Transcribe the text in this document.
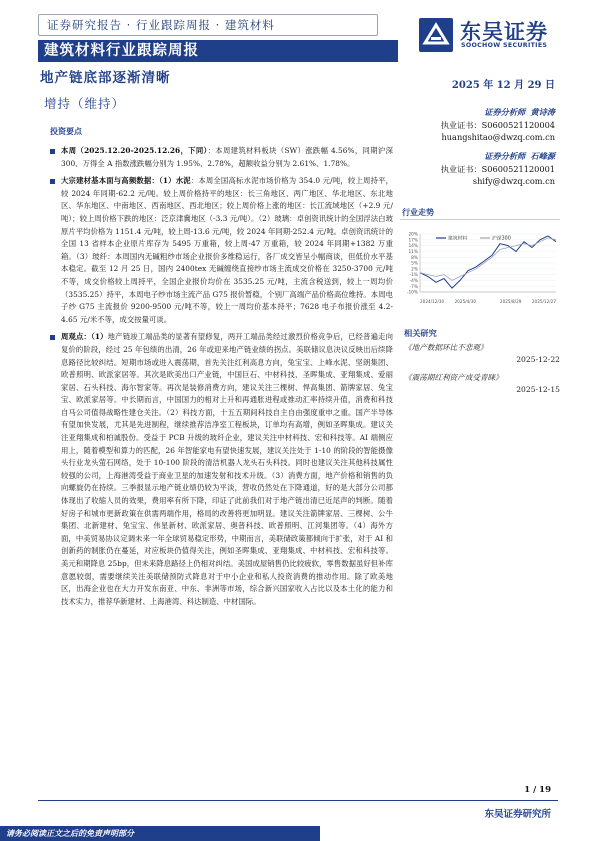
证券研究报告 · 行业跟踪周报 · 建筑材料	东吴证券
SOOCHOW SECURITIES
建筑材料行业跟踪周报
地产链底部逐渐清晰
增持（维持）
2025 年 12 月 29 日
证券分析师 黄诗涛
执业证书：S0600521120004
huangshitao@dwzq.com.cn
证券分析师 石峰源
执业证书：S0600521120001
shify@dwzq.com.cn
投资要点
本周（2025.12.20-2025.12.26，下同）：本周建筑材料板块（SW）涨跌幅 4.56%，同期沪深 300、万得全 A 指数涨跌幅分别为 1.95%、2.78%，超额收益分别为 2.61%、1.78%。
大宗建材基本面与高频数据：（1）水泥：本周全国高标水泥市场价格为 354.0 元/吨，较上周持平，较 2024 年同期-62.2 元/吨。较上周价格持平的地区：长三角地区、两广地区、华北地区、东北地区、华东地区、中南地区、西南地区、西北地区；较上周价格上涨的地区：长江流域地区（+2.9 元/吨）；较上周价格下跌的地区：泛京津冀地区（-3.3 元/吨）。（2）玻璃：卓创资讯统计的全国浮法白玻原片平均价格为 1151.4 元/吨，较上周-13.6 元/吨，较 2024 年同期-252.4 元/吨。卓创资讯统计的全国 13 省样本企业原片库存为 5495 万重箱，较上周-47 万重箱，较 2024 年同期+1382 万重箱。（3）玻纤：本周国内无碱粗纱市场企业报价多维稳运行，各厂成交皆呈小幅商谈，但低价水平基本稳定。截至 12 月 25 日，国内 2400tex 无碱缠绕直接纱市场主流成交价格在 3250-3700 元/吨不等，成交价格较上周持平，全国企业报价均价在 3535.25 元/吨，主流含税送到，较上一周均价（3535.25）持平，本周电子纱市场主流产品 G75 报价暂稳，个别厂高端产品价格高位维持。本周电子纱 G75 主流报价 9200-9500 元/吨不等，较上一周均价基本持平；7628 电子布报价涨至 4.2-4.65 元/米不等，成交按量可谈。
周观点：（1）地产链竣工端品类的显著有望修复，两开工端品类经过激烈价格竞争后，已经普遍走向复价的阶段，经过 25 年包绩的出清，26 年或迎来地产链业绩的拐点。美联储议息决议反映出后续降息路径比较纠结。短期市场或进入震荡期，首先关注红利高息方向，兔宝宝、上峰水泥、坚朗集团、欧普照明、欧派家居等。其次是欧美出口产业链，中国巨石、中材科技、圣晖集成、亚翔集成、爱丽家居、石头科技、海尔智家等。再次是装修消费方向，建议关注三棵树、悍高集团、箭牌家居、兔宝宝、欧派家居等。中长期而言，中国国力的相对上升和再通胀进程或推动汇率持续升值，消费和科技自马公司值得战略性建仓关注。（2）科技方面，十五五期间科技自主自由强度重申之重。国产半导体有望加快发展，尤其是先进制程，继续推荐洁净室工程板块，订单均有高增，例如圣晖集成。建议关注亚翔集成和柏诚股份。受益于 PCB 升级的玻纤企业，建议关注中材科技、宏和科技等。AI 端侧应用上，随着模型和算力的匹配，26 年智能家电有望快速发展，建议关注处于 1-10 的阶段的智能摄像头行业龙头萤石网络，处于 10-100 阶段的清洁机器人龙头石头科技。同时也建议关注其他科技属性较强的公司，上海港湾受益于商业卫星的加速发射和技术升级。（3）消费方面，地产价格和销售的负向螺旋仍在持续。三季报显示地产链业绩仍较为平淡，营收仍然处在下降通道，好的是大部分公司都体现出了收缩人员的效果，费用率有所下降，印证了此前我们对于地产链出清已近尾声的判断。随着好房子和城市更新政策在供需两端作用，格局的改善将更加明显。建议关注箭牌家居、三棵树、公牛集团、北新建材、兔宝宝、伟星新材、欧派家居、奥普科技、欧普照明、江河集团等。（4）海外方面，中美贸易协议定调未来一年全球贸易稳定形势，中期而言，美联储政策都倾向于扩张，对于 AI 和创新药的制胀仍在蔓延，对应板块仍值得关注，例如圣晖集成、亚翔集成、中材科技、宏和科技等。美元和期降息 25bp，但未来降息路径上仍相对纠结。美国成屋销售仍比较疲软，零售数据虽好但补库意愿较弱，需要继续关注美联储预防式降息对于中小企业和私人投资消费的推动作用。除了欧美地区，出海企业也在大力开发东南亚、中东、非洲等市场，综合新兴国家收入占比以及本土化的能力和技术实力，推荐华新建材、上海港湾、科达制造、中材国际。
行业走势
20%
17%
14%
11%
8%
5%
2%
-1%
-4%
-7%
-10%
2024/12/30 2025/4/30	2025/8/29 2025/12/27
建筑材料	沪深300
相关研究
《地产数据环比不悲观》
2025-12-22
《震荡期红利资产成受青睐》
2025-12-15
1 / 19
东吴证券研究所
请务必阅读正文之后的免责声明部分
